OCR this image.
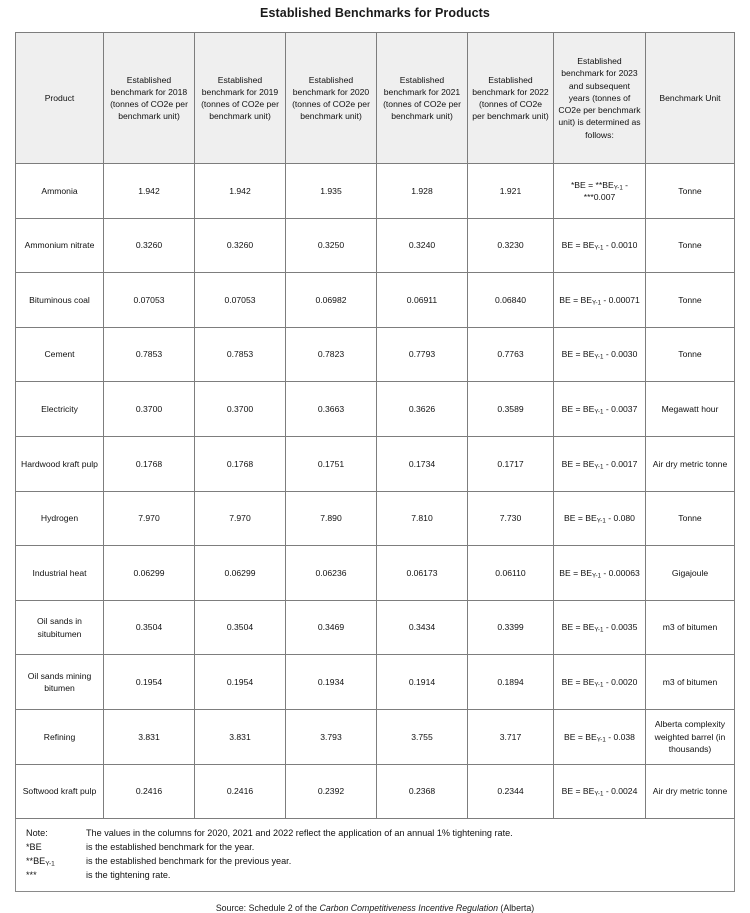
Established Benchmarks for Products
Product	Established benchmark for 2018 (tonnes of CO2e per benchmark unit)	Established benchmark for 2019 (tonnes of CO2e per benchmark unit)	Established benchmark for 2020 (tonnes of CO2e per benchmark unit)	Established benchmark for 2021 (tonnes of CO2e per benchmark unit)	Established benchmark for 2022 (tonnes of CO2e per benchmark unit)	Established benchmark for 2023 and subsequent years (tonnes of CO2e per benchmark unit) is determined as follows:	Benchmark Unit
Ammonia	1.942	1.942	1.935	1.928	1.921	$*BE = **BE_{Y-1} - ***0.007$	Tonne
Ammonium nitrate	0.3260	0.3260	0.3250	0.3240	0.3230	BE = $BE_{Y-1} - 0.0010$	Tonne
Bituminous coal	0.07053	0.07053	0.06982	0.06911	0.06840	BE = $BE_{Y-1} - 0.00071$	Tonne
Cement	0.7853	0.7853	0.7823	0.7793	0.7763	BE = $BE_{Y-1} - 0.0030$	Tonne
Electricity	0.3700	0.3700	0.3663	0.3626	0.3589	BE = $BE_{Y-1} - 0.0037$	Megawatt hour
Hardwood kraft pulp	0.1768	0.1768	0.1751	0.1734	0.1717	BE = $BE_{Y-1} - 0.0017$	Air dry metric tonne
Hydrogen	7.970	7.970	7.890	7.810	7.730	BE = $BE_{Y-1} - 0.080$	Tonne
Industrial heat	0.06299	0.06299	0.06236	0.06173	0.06110	BE = $BE_{Y-1} - 0.00063$	Gigajoule
Oil sands in situbitumen	0.3504	0.3504	0.3469	0.3434	0.3399	BE = $BE_{Y-1} - 0.0035$	m3 of bitumen
Oil sands mining bitumen	0.1954	0.1954	0.1934	0.1914	0.1894	BE = $BE_{Y-1} - 0.0020$	m3 of bitumen
Refining	3.831	3.831	3.793	3.755	3.717	BE = $BE_{Y-1} - 0.038$	Alberta complexity weighted barrel (in thousands)
Softwood kraft pulp	0.2416	0.2416	0.2392	0.2368	0.2344	BE = $BE_{Y-1} - 0.0024$	Air dry metric tonne
Note:	The values in the columns for 2020, 2021 and 2022 reflect the application of an annual 1% tightening rate.
*BE	is the established benchmark for the year.
$**BE_{Y-1}$	is the established benchmark for the previous year.
***	is the tightening rate.
Source: Schedule 2 of the Carbon Competitiveness Incentive Regulation (Alberta)
